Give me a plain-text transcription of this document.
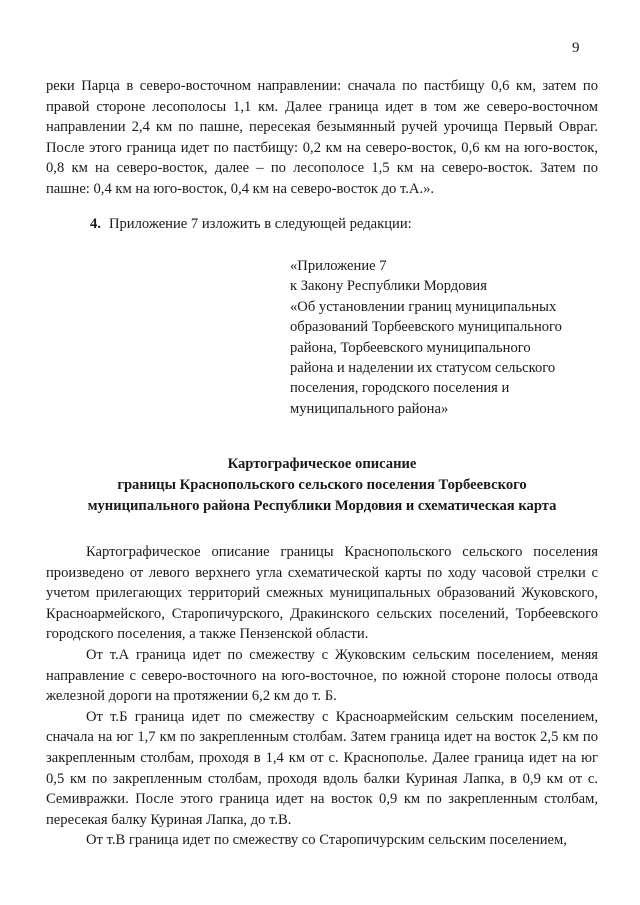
9

реки Парца в северо-восточном направлении: сначала по пастбищу 0,6 км, затем по правой стороне лесополосы 1,1 км. Далее граница идет в том же северо-восточном направлении 2,4 км по пашне, пересекая безымянный ручей урочища Первый Овраг. После этого граница идет по пастбищу: 0,2 км на северо-восток, 0,6 км на юго-восток, 0,8 км на северо-восток, далее – по лесополосе 1,5 км на северо-восток. Затем по пашне: 0,4 км на юго-восток, 0,4 км на северо-восток до т.А.».

4. Приложение 7 изложить в следующей редакции:
«Приложение 7
к Закону Республики Мордовия
«Об установлении границ муниципальных
образований Торбеевского муниципального
района, Торбеевского муниципального
района и наделении их статусом сельского
поселения, городского поселения и
муниципального района»
Картографическое описание
границы Краснопольского сельского поселения Торбеевского
муниципального района Республики Мордовия и схематическая карта

Картографическое описание границы Краснопольского сельского поселения произведено от левого верхнего угла схематической карты по ходу часовой стрелки с учетом прилегающих территорий смежных муниципальных образований Жуковского, Красноармейского, Старопичурского, Дракинского сельских поселений, Торбеевского городского поселения, а также Пензенской области.

От т.А граница идет по смежеству с Жуковским сельским поселением, меняя направление с северо-восточного на юго-восточное, по южной стороне полосы отвода железной дороги на протяжении 6,2 км до т. Б.

От т.Б граница идет по смежеству с Красноармейским сельским поселением, сначала на юг 1,7 км по закрепленным столбам. Затем граница идет на восток 2,5 км по закрепленным столбам, проходя в 1,4 км от с. Краснополье. Далее граница идет на юг 0,5 км по закрепленным столбам, проходя вдоль балки Куриная Лапка, в 0,9 км от с. Семивражки. После этого граница идет на восток 0,9 км по закрепленным столбам, пересекая балку Куриная Лапка, до т.В.

От т.В граница идет по смежеству со Старопичурским сельским поселением,
